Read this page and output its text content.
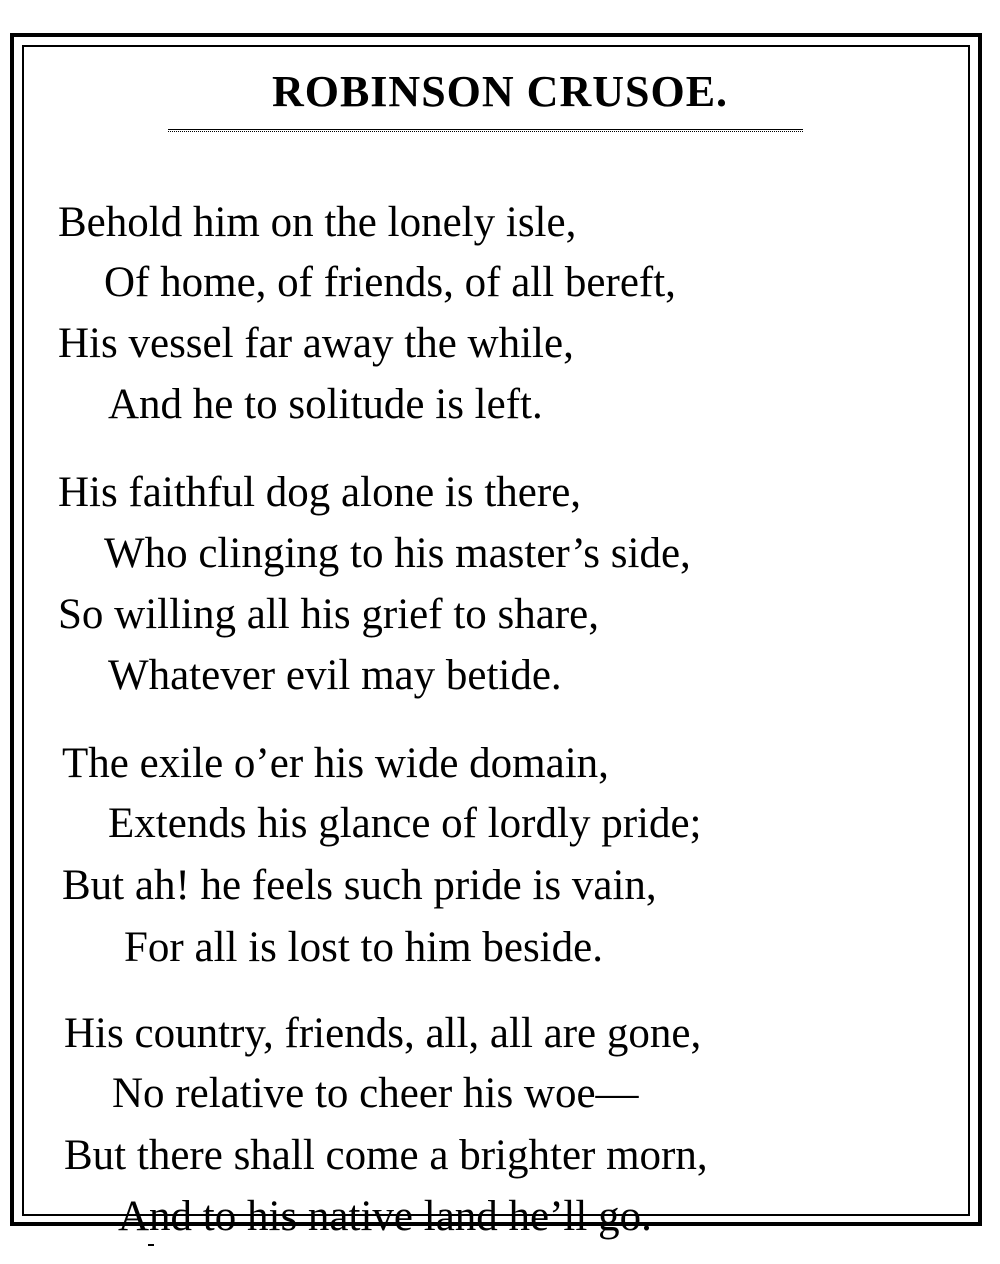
ROBINSON CRUSOE.

Behold him on the lonely isle,

Of home, of friends, of all bereft,

His vessel far away the while,

And he to solitude is left.

His faithful dog alone is there,

Who clinging to his master’s side,

So willing all his grief to share,

Whatever evil may betide.

The exile o’er his wide domain,

Extends his glance of lordly pride;

But ah! he feels such pride is vain,

For all is lost to him beside.

His country, friends, all, all are gone,

No relative to cheer his woe—

But there shall come a brighter morn,

And to his native land he’ll go.
